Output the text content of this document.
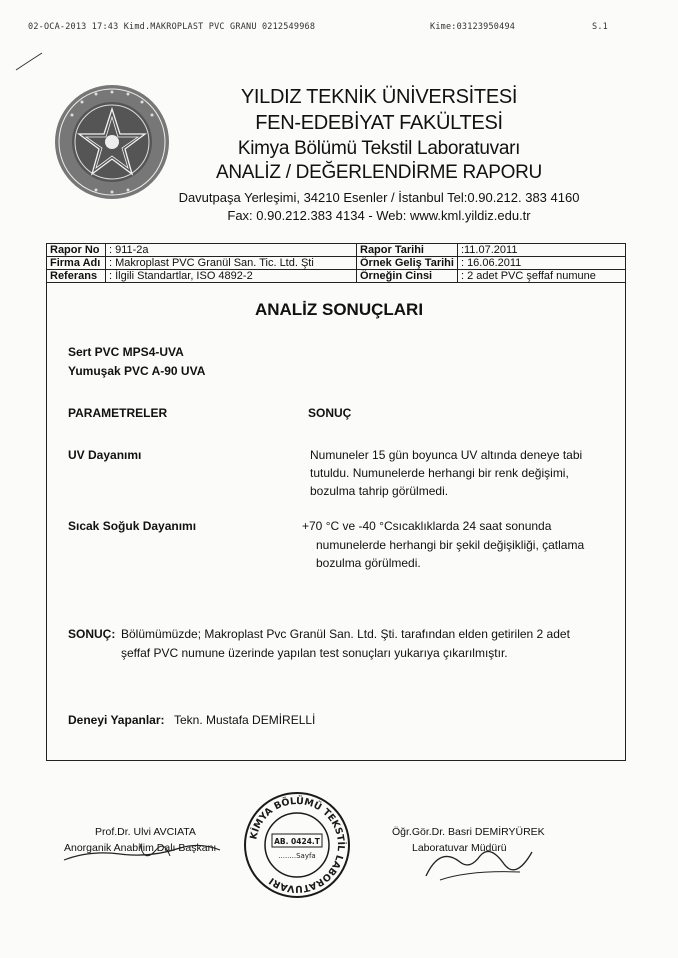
02-OCA-2013 17:43 Kimd.MAKROPLAST PVC GRANU 0212549968	Kime:03123950494	S.1
YILDIZ TEKNİK ÜNİVERSİTESİ
FEN-EDEBİYAT FAKÜLTESİ
Kimya Bölümü Tekstil Laboratuvarı
ANALİZ / DEĞERLENDİRME RAPORU
Davutpaşa Yerleşimi, 34210 Esenler / İstanbul Tel:0.90.212. 383 4160
Fax: 0.90.212.383 4134 - Web: www.kml.yildiz.edu.tr
Rapor No	: 911-2a	Rapor Tarihi	:11.07.2011
Firma Adı	: Makroplast PVC Granül San. Tic. Ltd. Şti	Örnek Geliş Tarihi	: 16.06.2011
Referans	: İlgili Standartlar, ISO 4892-2	Örneğin Cinsi	: 2 adet PVC şeffaf numune
ANALİZ SONUÇLARI
Sert PVC MPS4-UVA
Yumuşak PVC A-90 UVA
PARAMETRELER	SONUÇ
UV Dayanımı	Numuneler 15 gün boyunca UV altında deneye tabi
tutuldu. Numunelerde herhangi bir renk değişimi,
bozulma tahrip görülmedi.
Sıcak Soğuk Dayanımı	+70 °C ve -40 °Csıcaklıklarda 24 saat sonunda
numunelerde herhangi bir şekil değişikliği, çatlama
bozulma görülmedi.
SONUÇ: Bölümümüzde; Makroplast Pvc Granül San. Ltd. Şti. tarafından elden getirilen 2 adet
şeffaf PVC numune üzerinde yapılan test sonuçları yukarıya çıkarılmıştır.
Deneyi Yapanlar: Tekn. Mustafa DEMİRELLİ
Prof.Dr. Ulvi AVCIATA
Anorganik Anabilim Dalı Başkanı
Öğr.Gör.Dr. Basri DEMİRYÜREK
Laboratuvar Müdürü
KİMYA BÖLÜMÜ TEKSTİL LABORATUVARI
AB. 0424.T
........Sayfa
